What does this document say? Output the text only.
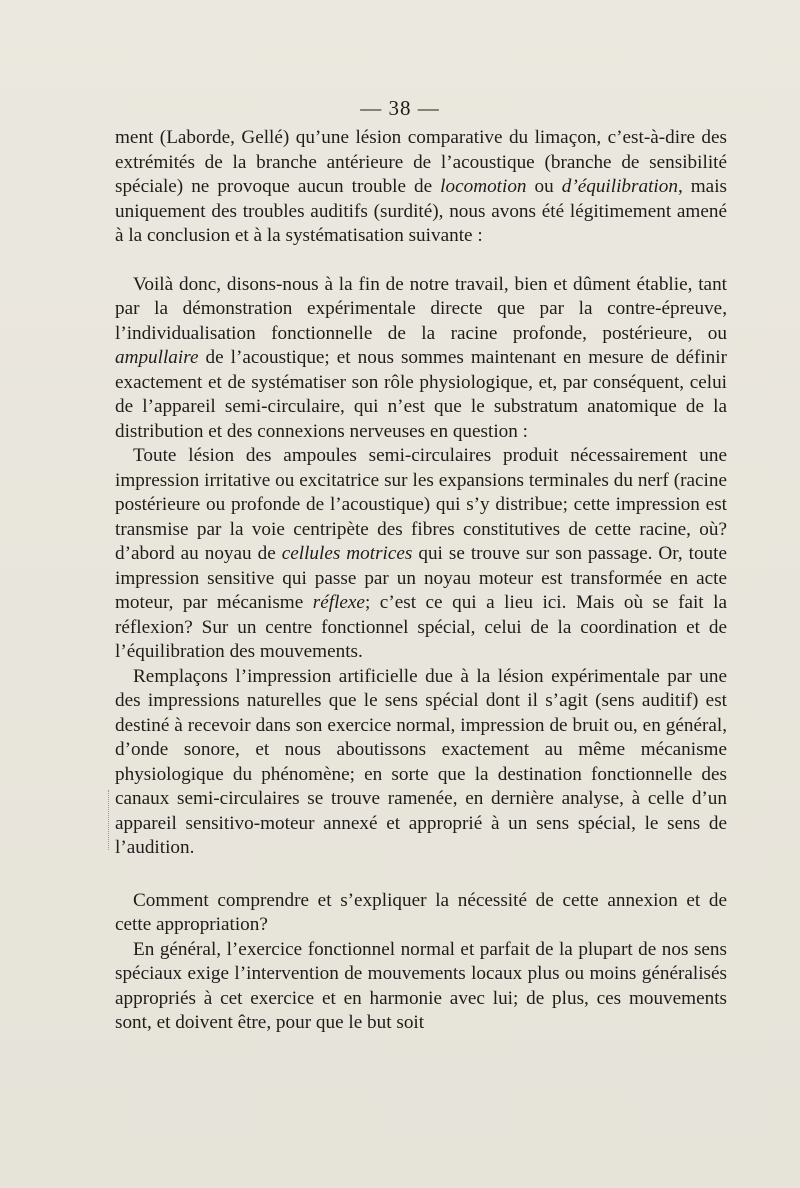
— 38 —

ment (Laborde, Gellé) qu’une lésion comparative du limaçon, c’est-à-dire des extrémités de la branche antérieure de l’acoustique (branche de sensibilité spéciale) ne provoque aucun trouble de locomotion ou d’équilibration, mais uniquement des troubles auditifs (surdité), nous avons été légitimement amené à la conclusion et à la systématisation suivante :

Voilà donc, disons-nous à la fin de notre travail, bien et dûment établie, tant par la démonstration expérimentale directe que par la contre-épreuve, l’individualisation fonctionnelle de la racine profonde, postérieure, ou ampullaire de l’acoustique; et nous sommes maintenant en mesure de définir exactement et de systématiser son rôle physiologique, et, par conséquent, celui de l’appareil semi-circulaire, qui n’est que le substratum anatomique de la distribution et des connexions nerveuses en question :

Toute lésion des ampoules semi-circulaires produit nécessairement une impression irritative ou excitatrice sur les expansions terminales du nerf (racine postérieure ou profonde de l’acoustique) qui s’y distribue; cette impression est transmise par la voie centripète des fibres constitutives de cette racine, où? d’abord au noyau de cellules motrices qui se trouve sur son passage. Or, toute impression sensitive qui passe par un noyau moteur est transformée en acte moteur, par mécanisme réflexe; c’est ce qui a lieu ici. Mais où se fait la réflexion? Sur un centre fonctionnel spécial, celui de la coordination et de l’équilibration des mouvements.

Remplaçons l’impression artificielle due à la lésion expérimentale par une des impressions naturelles que le sens spécial dont il s’agit (sens auditif) est destiné à recevoir dans son exercice normal, impression de bruit ou, en général, d’onde sonore, et nous aboutissons exactement au même mécanisme physiologique du phénomène; en sorte que la destination fonctionnelle des canaux semi-circulaires se trouve ramenée, en dernière analyse, à celle d’un appareil sensitivo-moteur annexé et approprié à un sens spécial, le sens de l’audition.

Comment comprendre et s’expliquer la nécessité de cette annexion et de cette appropriation?

En général, l’exercice fonctionnel normal et parfait de la plupart de nos sens spéciaux exige l’intervention de mouvements locaux plus ou moins généralisés appropriés à cet exercice et en harmonie avec lui; de plus, ces mouvements sont, et doivent être, pour que le but soit
